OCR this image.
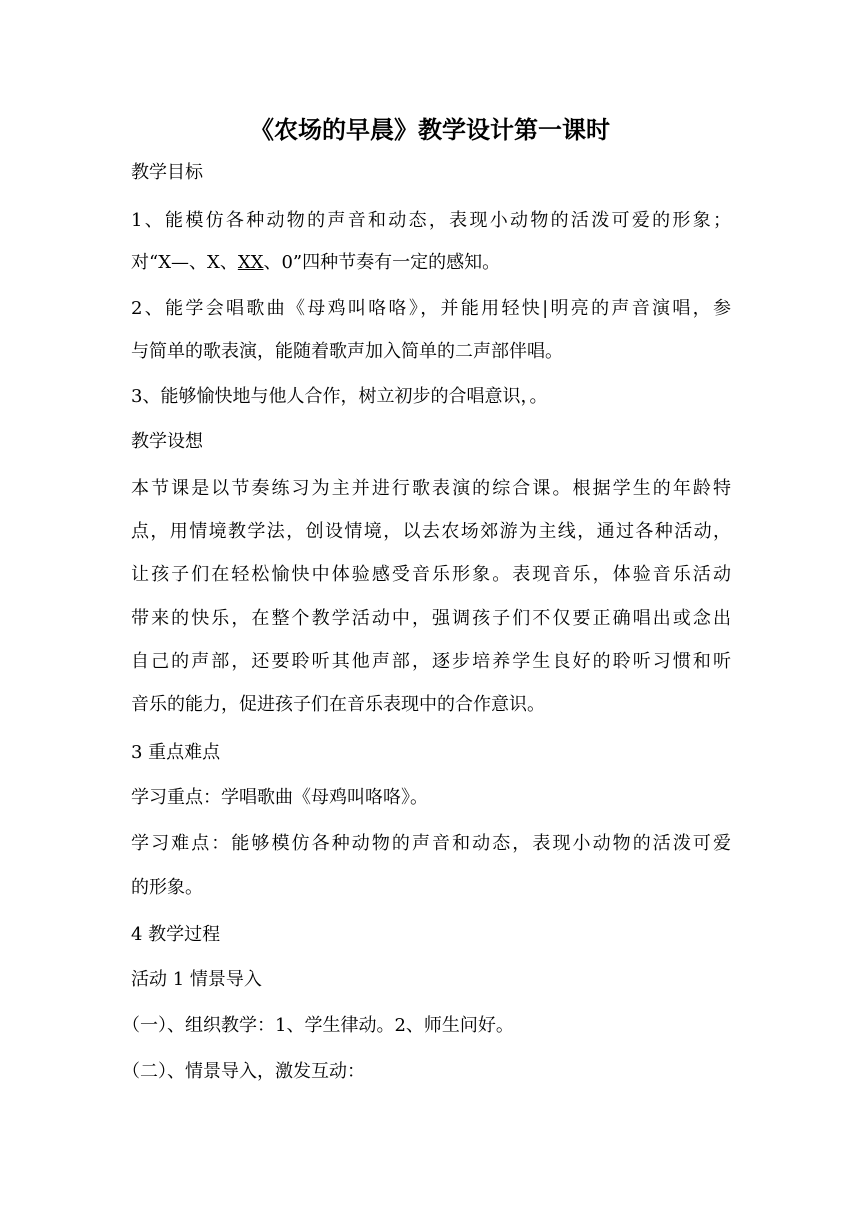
《农场的早晨》教学设计第一课时
教学目标
1、能模仿各种动物的声音和动态，表现小动物的活泼可爱的形象；
对“X—、X、XX、0”四种节奏有一定的感知。
2、能学会唱歌曲《母鸡叫咯咯》，并能用轻快|明亮的声音演唱，参
与简单的歌表演，能随着歌声加入简单的二声部伴唱。
3、能够愉快地与他人合作，树立初步的合唱意识，。
教学设想
本节课是以节奏练习为主并进行歌表演的综合课。根据学生的年龄特
点，用情境教学法，创设情境，以去农场郊游为主线，通过各种活动，
让孩子们在轻松愉快中体验感受音乐形象。表现音乐，体验音乐活动
带来的快乐，在整个教学活动中，强调孩子们不仅要正确唱出或念出
自己的声部，还要聆听其他声部，逐步培养学生良好的聆听习惯和听
音乐的能力，促进孩子们在音乐表现中的合作意识。
3 重点难点
学习重点：学唱歌曲《母鸡叫咯咯》。
学习难点：能够模仿各种动物的声音和动态，表现小动物的活泼可爱
的形象。
4 教学过程
活动 1 情景导入
（一）、组织教学：1、学生律动。2、师生问好。
（二）、情景导入，激发互动：
